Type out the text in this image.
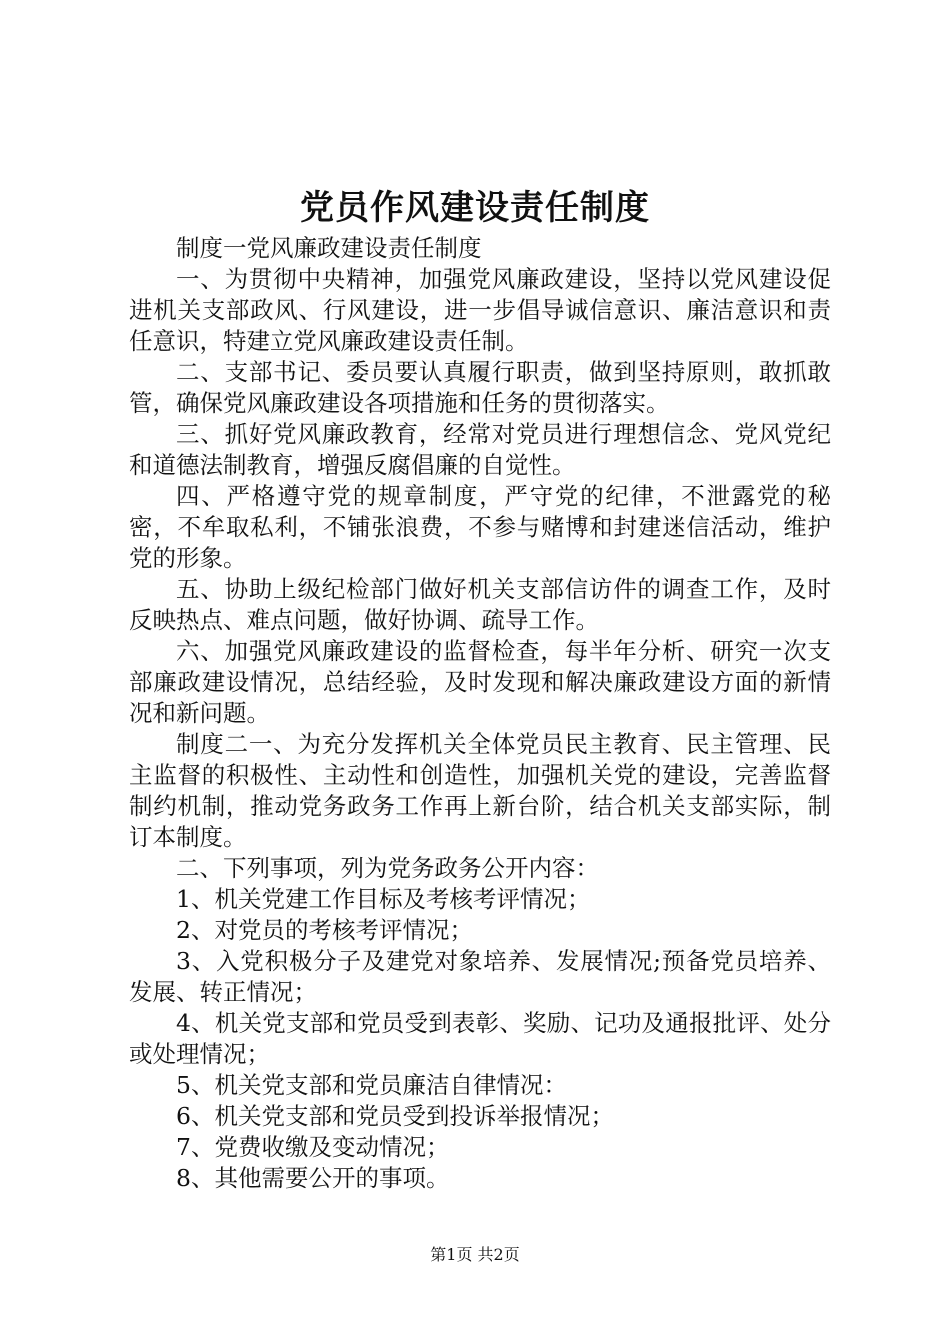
党员作风建设责任制度

制度一党风廉政建设责任制度

一、为贯彻中央精神，加强党风廉政建设，坚持以党风建设促进机关支部政风、行风建设，进一步倡导诚信意识、廉洁意识和责任意识，特建立党风廉政建设责任制。

二、支部书记、委员要认真履行职责，做到坚持原则，敢抓敢管，确保党风廉政建设各项措施和任务的贯彻落实。

三、抓好党风廉政教育，经常对党员进行理想信念、党风党纪和道德法制教育，增强反腐倡廉的自觉性。

四、严格遵守党的规章制度，严守党的纪律，不泄露党的秘密，不牟取私利，不铺张浪费，不参与赌博和封建迷信活动，维护党的形象。

五、协助上级纪检部门做好机关支部信访件的调查工作，及时反映热点、难点问题，做好协调、疏导工作。

六、加强党风廉政建设的监督检查，每半年分析、研究一次支部廉政建设情况，总结经验，及时发现和解决廉政建设方面的新情况和新问题。

制度二一、为充分发挥机关全体党员民主教育、民主管理、民主监督的积极性、主动性和创造性，加强机关党的建设，完善监督制约机制，推动党务政务工作再上新台阶，结合机关支部实际，制订本制度。

二、下列事项，列为党务政务公开内容：

1、机关党建工作目标及考核考评情况；

2、对党员的考核考评情况；

3、入党积极分子及建党对象培养、发展情况;预备党员培养、发展、转正情况；

4、机关党支部和党员受到表彰、奖励、记功及通报批评、处分或处理情况；

5、机关党支部和党员廉洁自律情况：

6、机关党支部和党员受到投诉举报情况；

7、党费收缴及变动情况；

8、其他需要公开的事项。

第1页 共2页
